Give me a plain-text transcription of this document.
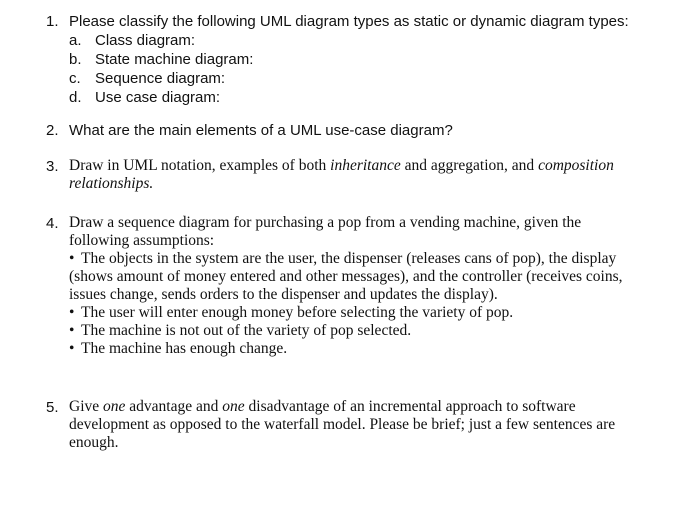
1. Please classify the following UML diagram types as static or dynamic diagram types:

a. Class diagram:
b. State machine diagram:
c. Sequence diagram:
d. Use case diagram:
2. What are the main elements of a UML use-case diagram?

3. Draw in UML notation, examples of both inheritance and aggregation, and composition

relationships.

4. Draw a sequence diagram for purchasing a pop from a vending machine, given the

following assumptions:

• The objects in the system are the user, the dispenser (releases cans of pop), the display

(shows amount of money entered and other messages), and the controller (receives coins,

issues change, sends orders to the dispenser and updates the display).

• The user will enter enough money before selecting the variety of pop.
• The machine is not out of the variety of pop selected.
• The machine has enough change.
5. Give one advantage and one disadvantage of an incremental approach to software

development as opposed to the waterfall model. Please be brief; just a few sentences are

enough.
